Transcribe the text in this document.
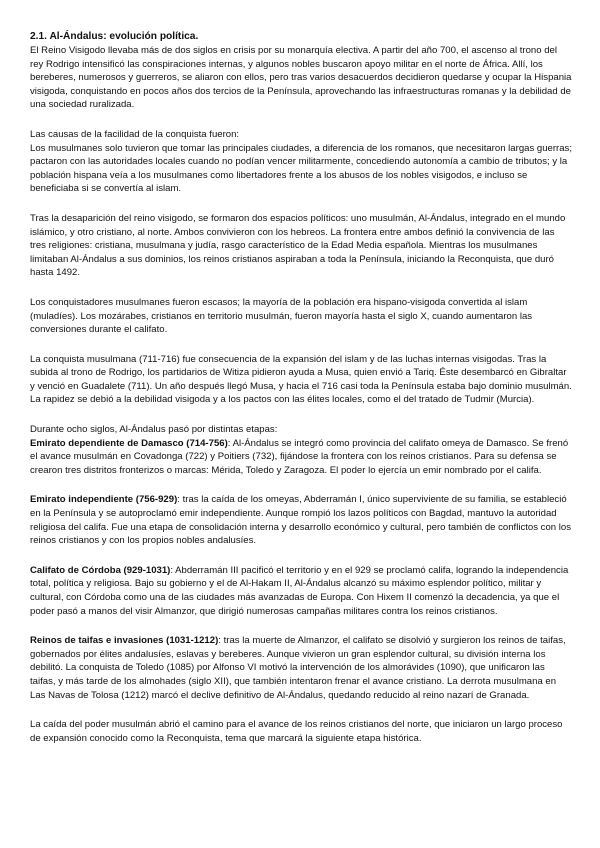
2.1. Al-Ándalus: evolución política.

El Reino Visigodo llevaba más de dos siglos en crisis por su monarquía electiva. A partir del año 700, el ascenso al trono del rey Rodrigo intensificó las conspiraciones internas, y algunos nobles buscaron apoyo militar en el norte de África. Allí, los bereberes, numerosos y guerreros, se aliaron con ellos, pero tras varios desacuerdos decidieron quedarse y ocupar la Hispania visigoda, conquistando en pocos años dos tercios de la Península, aprovechando las infraestructuras romanas y la debilidad de una sociedad ruralizada.

Las causas de la facilidad de la conquista fueron:
Los musulmanes solo tuvieron que tomar las principales ciudades, a diferencia de los romanos, que necesitaron largas guerras; pactaron con las autoridades locales cuando no podían vencer militarmente, concediendo autonomía a cambio de tributos; y la población hispana veía a los musulmanes como libertadores frente a los abusos de los nobles visigodos, e incluso se beneficiaba si se convertía al islam.

Tras la desaparición del reino visigodo, se formaron dos espacios políticos: uno musulmán, Al-Ándalus, integrado en el mundo islámico, y otro cristiano, al norte. Ambos convivieron con los hebreos. La frontera entre ambos definió la convivencia de las tres religiones: cristiana, musulmana y judía, rasgo característico de la Edad Media española. Mientras los musulmanes limitaban Al-Ándalus a sus dominios, los reinos cristianos aspiraban a toda la Península, iniciando la Reconquista, que duró hasta 1492.

Los conquistadores musulmanes fueron escasos; la mayoría de la población era hispano-visigoda convertida al islam (muladíes). Los mozárabes, cristianos en territorio musulmán, fueron mayoría hasta el siglo X, cuando aumentaron las conversiones durante el califato.

La conquista musulmana (711-716) fue consecuencia de la expansión del islam y de las luchas internas visigodas. Tras la subida al trono de Rodrigo, los partidarios de Witiza pidieron ayuda a Musa, quien envió a Tariq. Éste desembarcó en Gibraltar y venció en Guadalete (711). Un año después llegó Musa, y hacia el 716 casi toda la Península estaba bajo dominio musulmán. La rapidez se debió a la debilidad visigoda y a los pactos con las élites locales, como el del tratado de Tudmir (Murcia).

Durante ocho siglos, Al-Ándalus pasó por distintas etapas:
Emirato dependiente de Damasco (714-756): Al-Ándalus se integró como provincia del califato omeya de Damasco. Se frenó el avance musulmán en Covadonga (722) y Poitiers (732), fijándose la frontera con los reinos cristianos. Para su defensa se crearon tres distritos fronterizos o marcas: Mérida, Toledo y Zaragoza. El poder lo ejercía un emir nombrado por el califa.

Emirato independiente (756-929): tras la caída de los omeyas, Abderramán I, único superviviente de su familia, se estableció en la Península y se autoproclamó emir independiente. Aunque rompió los lazos políticos con Bagdad, mantuvo la autoridad religiosa del califa. Fue una etapa de consolidación interna y desarrollo económico y cultural, pero también de conflictos con los reinos cristianos y con los propios nobles andalusíes.

Califato de Córdoba (929-1031): Abderramán III pacificó el territorio y en el 929 se proclamó califa, logrando la independencia total, política y religiosa. Bajo su gobierno y el de Al-Hakam II, Al-Ándalus alcanzó su máximo esplendor político, militar y cultural, con Córdoba como una de las ciudades más avanzadas de Europa. Con Hixem II comenzó la decadencia, ya que el poder pasó a manos del visir Almanzor, que dirigió numerosas campañas militares contra los reinos cristianos.

Reinos de taifas e invasiones (1031-1212): tras la muerte de Almanzor, el califato se disolvió y surgieron los reinos de taifas, gobernados por élites andalusíes, eslavas y bereberes. Aunque vivieron un gran esplendor cultural, su división interna los debilitó. La conquista de Toledo (1085) por Alfonso VI motivó la intervención de los almorávides (1090), que unificaron las taifas, y más tarde de los almohades (siglo XII), que también intentaron frenar el avance cristiano. La derrota musulmana en Las Navas de Tolosa (1212) marcó el declive definitivo de Al-Ándalus, quedando reducido al reino nazarí de Granada.

La caída del poder musulmán abrió el camino para el avance de los reinos cristianos del norte, que iniciaron un largo proceso de expansión conocido como la Reconquista, tema que marcará la siguiente etapa histórica.
